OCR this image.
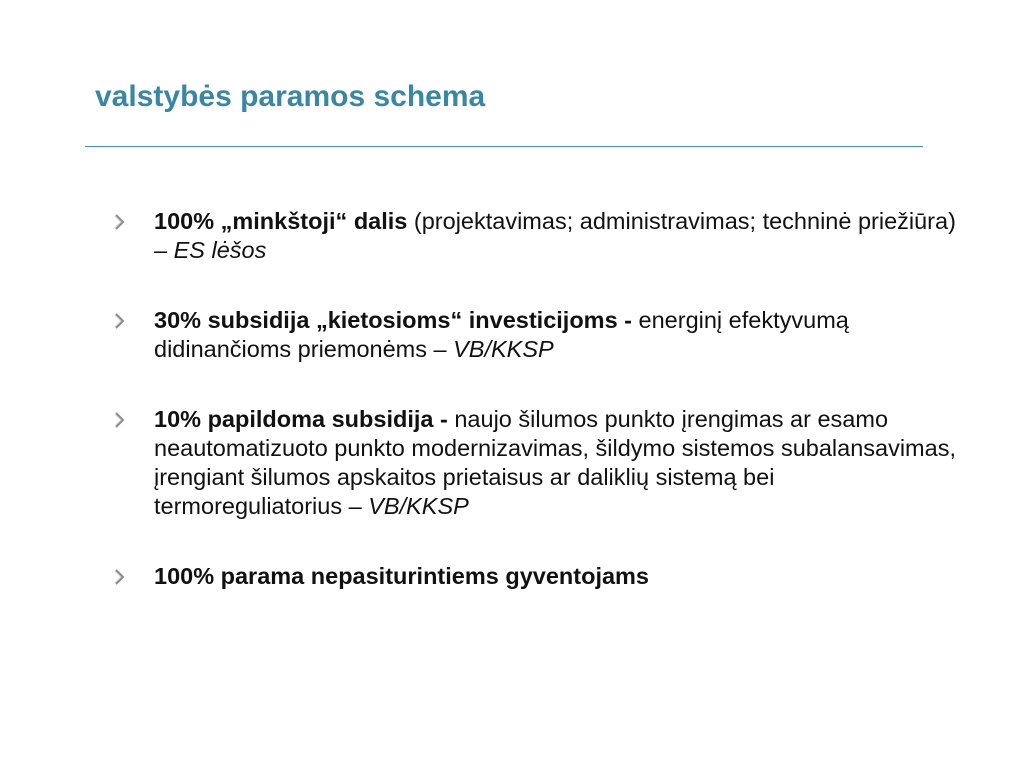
valstybės paramos schema
100% „minkštoji“ dalis (projektavimas; administravimas; techninė priežiūra) – ES lėšos
30% subsidija „kietosioms“ investicijoms - energinį efektyvumą didinančioms priemonėms – VB/KKSP
10% papildoma subsidija - naujo šilumos punkto įrengimas ar esamo neautomatizuoto punkto modernizavimas, šildymo sistemos subalansavimas, įrengiant šilumos apskaitos prietaisus ar daliklių sistemą bei termoreguliatorius – VB/KKSP
100% parama nepasiturintiems gyventojams
